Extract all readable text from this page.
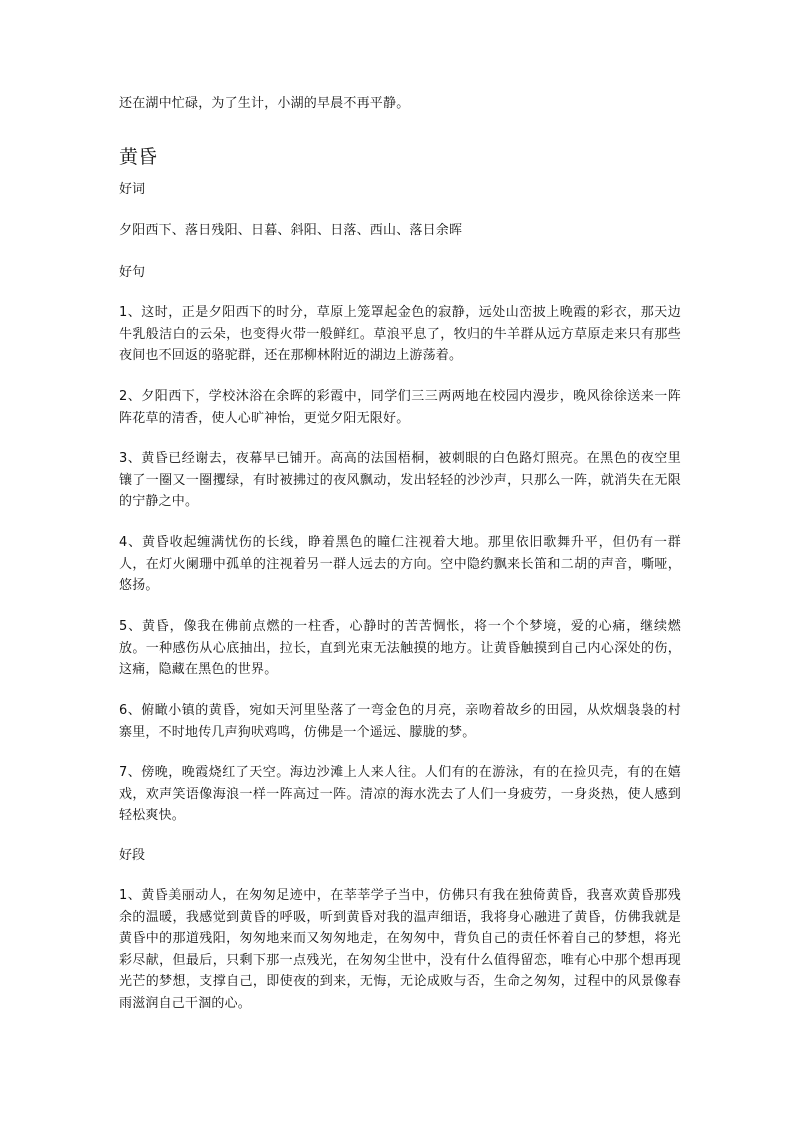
还在湖中忙碌，为了生计，小湖的早晨不再平静。

黄昏

好词

夕阳西下、落日残阳、日暮、斜阳、日落、西山、落日余晖

好句

1、这时，正是夕阳西下的时分，草原上笼罩起金色的寂静，远处山峦披上晚霞的彩衣，那天边牛乳般洁白的云朵，也变得火带一般鲜红。草浪平息了，牧归的牛羊群从远方草原走来只有那些夜间也不回返的骆驼群，还在那柳林附近的湖边上游荡着。

2、夕阳西下，学校沐浴在余晖的彩霞中，同学们三三两两地在校园内漫步，晚风徐徐送来一阵阵花草的清香，使人心旷神怡，更觉夕阳无限好。

3、黄昏已经谢去，夜幕早已铺开。高高的法国梧桐，被刺眼的白色路灯照亮。在黑色的夜空里镶了一圈又一圈攫绿，有时被拂过的夜风飘动，发出轻轻的沙沙声，只那么一阵，就消失在无限的宁静之中。

4、黄昏收起缠满忧伤的长线，睁着黑色的瞳仁注视着大地。那里依旧歌舞升平，但仍有一群人，在灯火阑珊中孤单的注视着另一群人远去的方向。空中隐约飘来长笛和二胡的声音，嘶哑，悠扬。

5、黄昏，像我在佛前点燃的一柱香，心静时的苦苦惆怅，将一个个梦境，爱的心痛，继续燃放。一种感伤从心底抽出，拉长，直到光束无法触摸的地方。让黄昏触摸到自己内心深处的伤，这痛，隐藏在黑色的世界。

6、俯瞰小镇的黄昏，宛如天河里坠落了一弯金色的月亮，亲吻着故乡的田园，从炊烟袅袅的村寨里，不时地传几声狗吠鸡鸣，仿佛是一个遥远、朦胧的梦。

7、傍晚，晚霞烧红了天空。海边沙滩上人来人往。人们有的在游泳，有的在捡贝壳，有的在嬉戏，欢声笑语像海浪一样一阵高过一阵。清凉的海水洗去了人们一身疲劳，一身炎热，使人感到轻松爽快。

好段

1、黄昏美丽动人，在匆匆足迹中，在莘莘学子当中，仿佛只有我在独倚黄昏，我喜欢黄昏那残余的温暖，我感觉到黄昏的呼吸，听到黄昏对我的温声细语，我将身心融进了黄昏，仿佛我就是黄昏中的那道残阳，匆匆地来而又匆匆地走，在匆匆中，背负自己的责任怀着自己的梦想，将光彩尽献，但最后，只剩下那一点残光，在匆匆尘世中，没有什么值得留恋，唯有心中那个想再现光芒的梦想，支撑自己，即使夜的到来，无悔，无论成败与否，生命之匆匆，过程中的风景像春雨滋润自己干涸的心。
